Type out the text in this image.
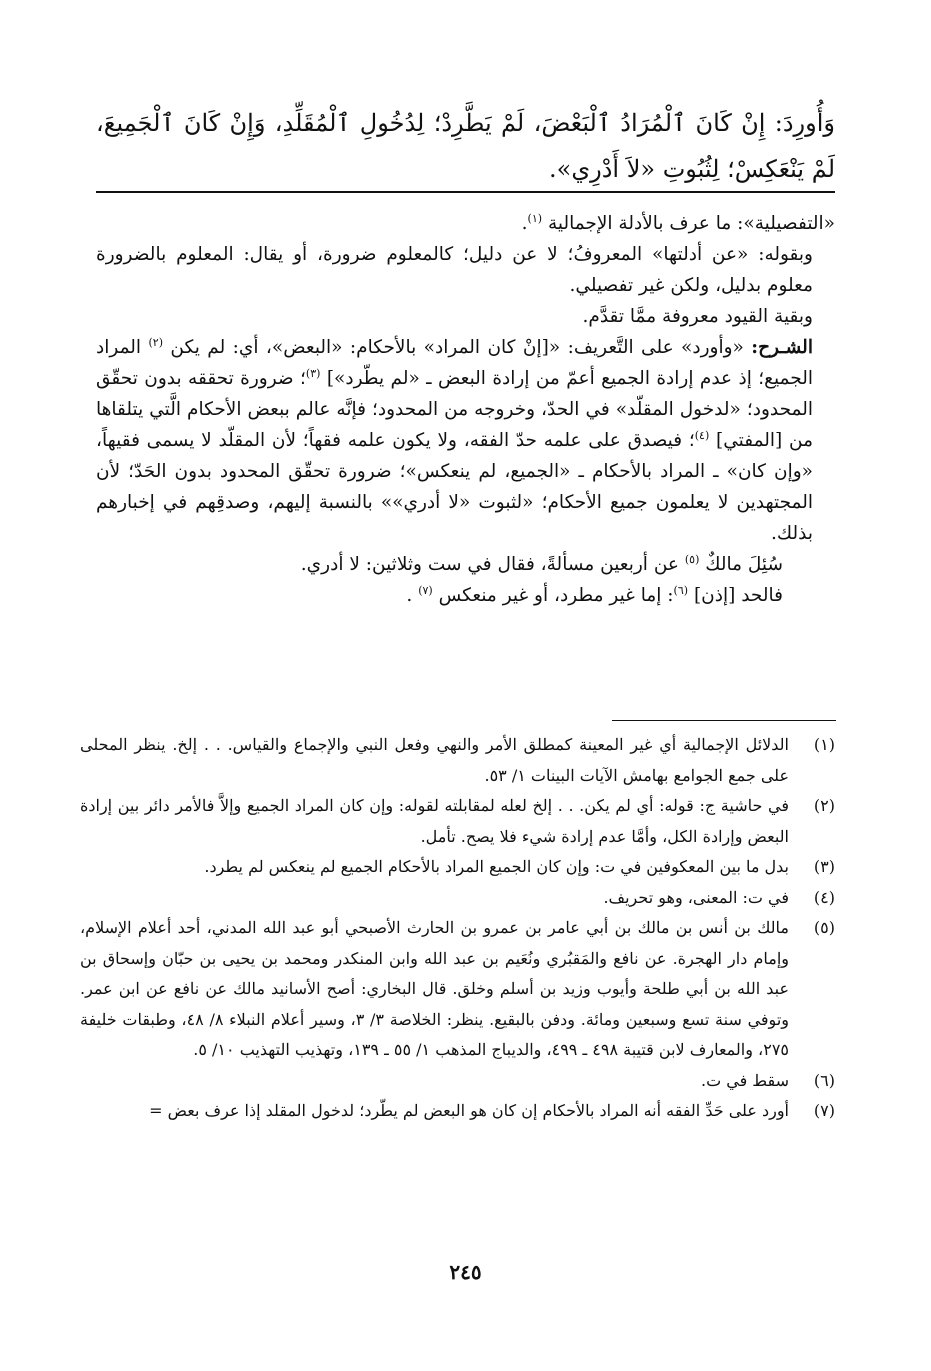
وَأُورِدَ: إِنْ كَانَ ٱلْمُرَادُ ٱلْبَعْضَ، لَمْ يَطَّرِدْ؛ لِدُخُولِ ٱلْمُقَلِّدِ، وَإِنْ كَانَ ٱلْجَمِيعَ، لَمْ يَنْعَكِسْ؛ لِثُبُوتِ «لاَ أَدْرِي».

«التفصيلية»: ما عرف بالأدلة الإجمالية $^{(١)}$.

وبقوله: «عن أدلتها» المعروفُ؛ لا عن دليل؛ كالمعلوم ضرورة، أو يقال: المعلوم بالضرورة معلوم بدليل، ولكن غير تفصيلي.

وبقية القيود معروفة ممَّا تقدَّم.

الشـرح: «وأورد» على التَّعريف: «[إنْ كان المراد» بالأحكام: «البعض»، أي: لم يكن $^{(٢)}$ المراد الجميع؛ إذ عدم إرادة الجميع أعمّ من إرادة البعض ـ «لم يطّرد»] $^{(٣)}$؛ ضرورة تحققه بدون تحقّق المحدود؛ «لدخول المقلّد» في الحدّ، وخروجه من المحدود؛ فإنَّه عالم ببعض الأحكام الَّتي يتلقاها من [المفتي] $^{(٤)}$؛ فيصدق على علمه حدّ الفقه، ولا يكون علمه فقهاً؛ لأن المقلّد لا يسمى فقيهاً، «وإن كان» ـ المراد بالأحكام ـ «الجميع، لم ينعكس»؛ ضرورة تحقّق المحدود بدون الحَدّ؛ لأن المجتهدين لا يعلمون جميع الأحكام؛ «لثبوت «لا أدري»» بالنسبة إليهم، وصدقِهم في إخبارهم بذلك.

سُئِلَ مالكٌ $^{(٥)}$ عن أربعين مسألةً، فقال في ست وثلاثين: لا أدري.

فالحد [إذن] $^{(٦)}$: إما غير مطرد، أو غير منعكس $^{(٧)}$ .

(١)
الدلائل الإجمالية أي غير المعينة كمطلق الأمر والنهي وفعل النبي والإجماع والقياس. . . إلخ. ينظر المحلى على جمع الجوامع بهامش الآيات البينات ١/ ٥٣.
(٢)
في حاشية ج: قوله: أي لم يكن. . . إلخ لعله لمقابلته لقوله: وإن كان المراد الجميع وإلاَّ فالأمر دائر بين إرادة البعض وإرادة الكل، وأمَّا عدم إرادة شيء فلا يصح. تأمل.
(٣)
بدل ما بين المعكوفين في ت: وإن كان الجميع المراد بالأحكام الجميع لم ينعكس لم يطرد.
(٤)
في ت: المعنى، وهو تحريف.
(٥)
مالك بن أنس بن مالك بن أبي عامر بن عمرو بن الحارث الأصبحي أبو عبد الله المدني، أحد أعلام الإسلام، وإمام دار الهجرة. عن نافع والمَقبُري ونُعَيم بن عبد الله وابن المنكدر ومحمد بن يحيى بن حبّان وإسحاق بن عبد الله بن أبي طلحة وأيوب وزيد بن أسلم وخلق. قال البخاري: أصح الأسانيد مالك عن نافع عن ابن عمر. وتوفي سنة تسع وسبعين ومائة. ودفن بالبقيع. ينظر: الخلاصة ٣/ ٣، وسير أعلام النبلاء ٨/ ٤٨، وطبقات خليفة ٢٧٥، والمعارف لابن قتيبة ٤٩٨ ـ ٤٩٩، والديباج المذهب ١/ ٥٥ ـ ١٣٩، وتهذيب التهذيب ١٠/ ٥.
(٦)
سقط في ت.
(٧)
أورد على حَدِّ الفقه أنه المراد بالأحكام إن كان هو البعض لم يطّرد؛ لدخول المقلد إذا عرف بعض =
٢٤٥
